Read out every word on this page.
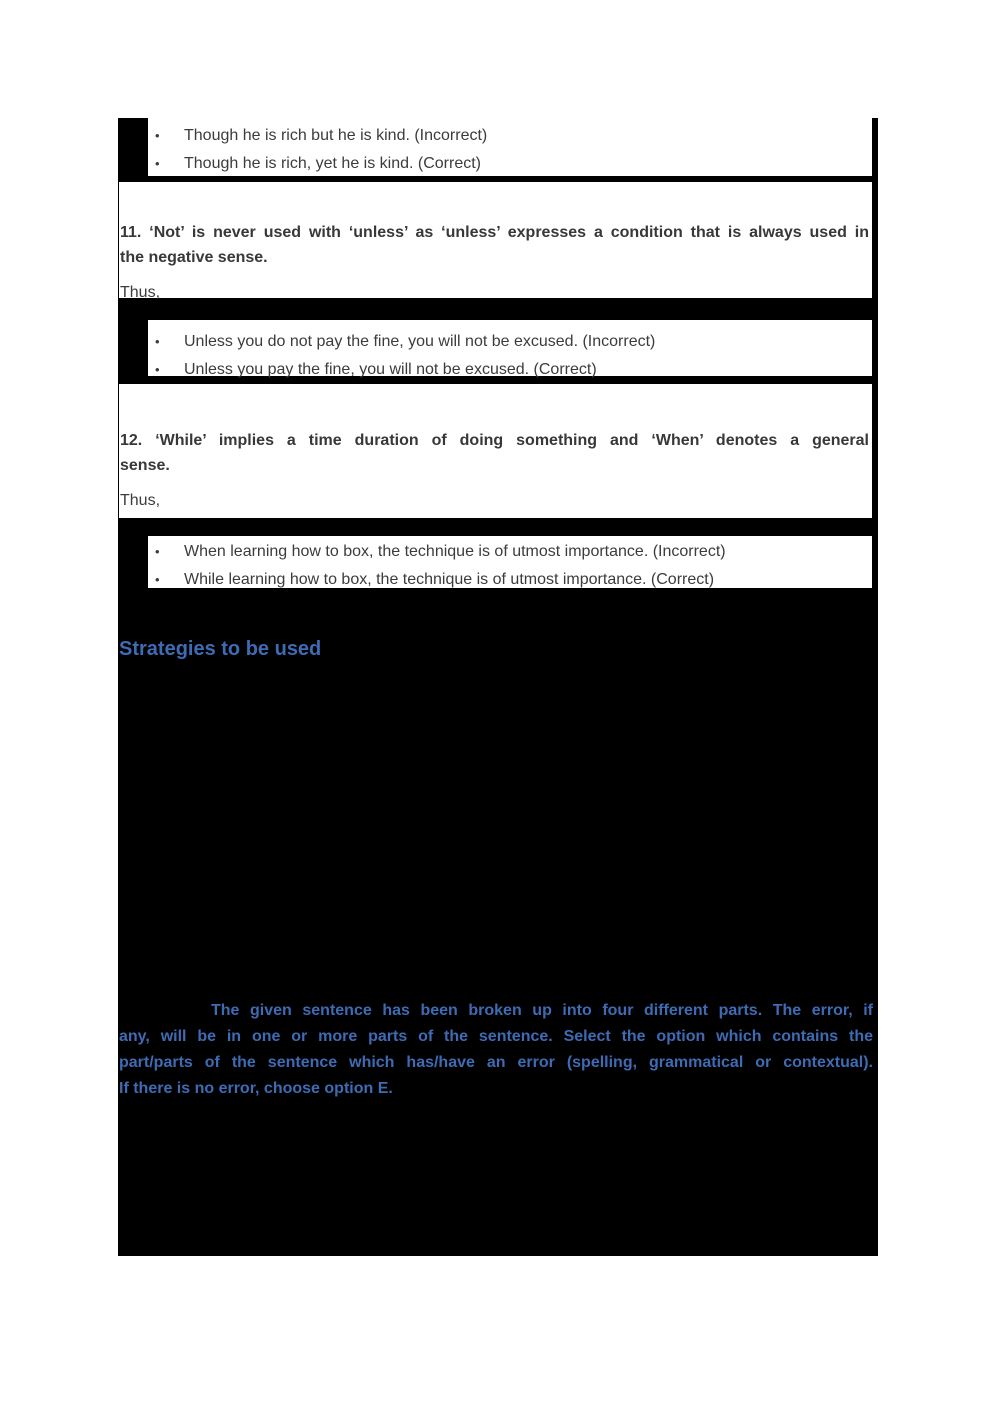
• Though he is rich but he is kind. (Incorrect)
• Though he is rich, yet he is kind. (Correct)
11. ‘Not’ is never used with ‘unless’ as ‘unless’ expresses a condition that is always used in
the negative sense.
Thus,
• Unless you do not pay the fine, you will not be excused. (Incorrect)
• Unless you pay the fine, you will not be excused. (Correct)
12. ‘While’ implies a time duration of doing something and ‘When’ denotes a general
sense.
Thus,
• When learning how to box, the technique is of utmost importance. (Incorrect)
• While learning how to box, the technique is of utmost importance. (Correct)
Strategies to be used
The given sentence has been broken up into four different parts. The error, if
any, will be in one or more parts of the sentence. Select the option which contains the
part/parts of the sentence which has/have an error (spelling, grammatical or contextual).
If there is no error, choose option E.
